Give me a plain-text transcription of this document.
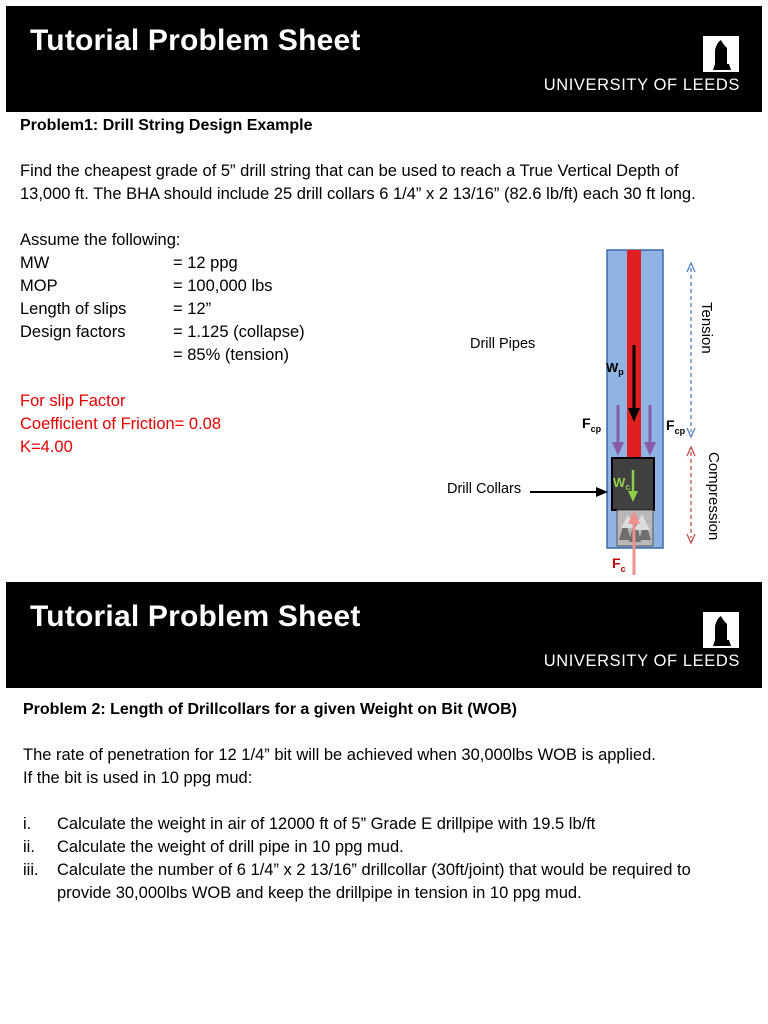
Tutorial Problem Sheet
UNIVERSITY OF LEEDS
Problem1: Drill String Design Example
Find the cheapest grade of 5” drill string that can be used to reach a True Vertical Depth of 13,000 ft. The BHA should include 25 drill collars 6 1/4” x 2 13/16” (82.6 lb/ft) each 30 ft long.
Assume the following:
MW	= 12 ppg
MOP	= 100,000 lbs
Length of slips	= 12”
Design factors	= 1.125 (collapse)
= 85% (tension)
For slip Factor
Coefficient of Friction= 0.08
K=4.00
Tension
Compression
$W_p$
$F_{cp}$	$F_{cp}$
$W_c$
$F_c$
Drill Pipes
Drill Collars
Tutorial Problem Sheet
UNIVERSITY OF LEEDS
Problem 2: Length of Drillcollars for a given Weight on Bit (WOB)
The rate of penetration for 12 1/4” bit will be achieved when 30,000lbs WOB is applied.
If the bit is used in 10 ppg mud:
i.	Calculate the weight in air of 12000 ft of 5” Grade E drillpipe with 19.5 lb/ft
ii.	Calculate the weight of drill pipe in 10 ppg mud.
iii.	Calculate the number of 6 1/4” x 2 13/16” drillcollar (30ft/joint) that would be required to provide 30,000lbs WOB and keep the drillpipe in tension in 10 ppg mud.
